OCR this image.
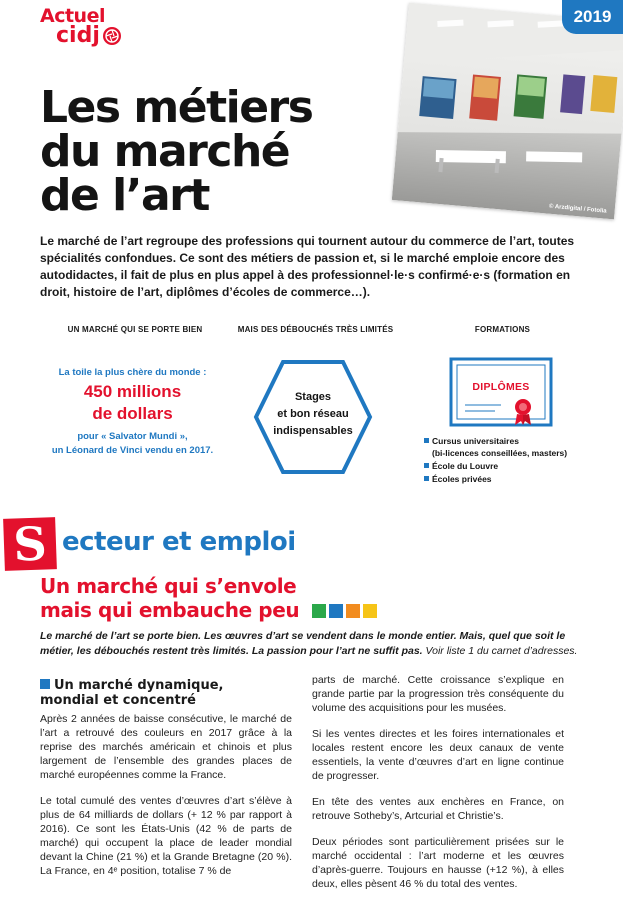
Actuel
cidj
© Arzdigital / Fotolia
2019
Les métiers
du marché
de l’art

Le marché de l’art regroupe des professions qui tournent autour du commerce de l’art, toutes spécialités confondues. Ce sont des métiers de passion et, si le marché emploie encore des autodidactes, il fait de plus en plus appel à des professionnel·le·s confirmé·e·s (formation en droit, histoire de l’art, diplômes d’écoles de commerce…).

UN MARCHÉ QUI SE PORTE BIEN	MAIS DES DÉBOUCHÉS TRÈS LIMITÉS	FORMATIONS
La toile la plus chère du monde :
450 millions
de dollars
pour « Salvator Mundi »,
un Léonard de Vinci vendu en 2017.
Stages
et bon réseau
indispensables
DIPLÔMES
Cursus universitaires
(bi-licences conseillées, masters)
École du Louvre
Écoles privées
S ecteur et emploi
Un marché qui s’envole
mais qui embauche peu

Le marché de l’art se porte bien. Les œuvres d’art se vendent dans le monde entier. Mais, quel que soit le métier, les débouchés restent très limités. La passion pour l’art ne suffit pas. Voir liste 1 du carnet d’adresses.

Un marché dynamique,
mondial et concentré

Après 2 années de baisse consécutive, le marché de l’art a retrouvé des couleurs en 2017 grâce à la reprise des marchés américain et chinois et plus largement de l’ensemble des grandes places de marché européennes comme la France.

Le total cumulé des ventes d’œuvres d’art s’élève à plus de 64 milliards de dollars (+ 12 % par rapport à 2016). Ce sont les États-Unis (42 % de parts de marché) qui occupent la place de leader mondial devant la Chine (21 %) et la Grande Bretagne (20 %). La France, en 4ᵉ position, totalise 7 % de

parts de marché. Cette croissance s’explique en grande partie par la progression très conséquente du volume des acquisitions pour les musées.

Si les ventes directes et les foires internationales et locales restent encore les deux canaux de vente essentiels, la vente d’œuvres d’art en ligne continue de progresser.

En tête des ventes aux enchères en France, on retrouve Sotheby’s, Artcurial et Christie’s.

Deux périodes sont particulièrement prisées sur le marché occidental : l’art moderne et les œuvres d’après-guerre. Toujours en hausse (+12 %), à elles deux, elles pèsent 46 % du total des ventes.
